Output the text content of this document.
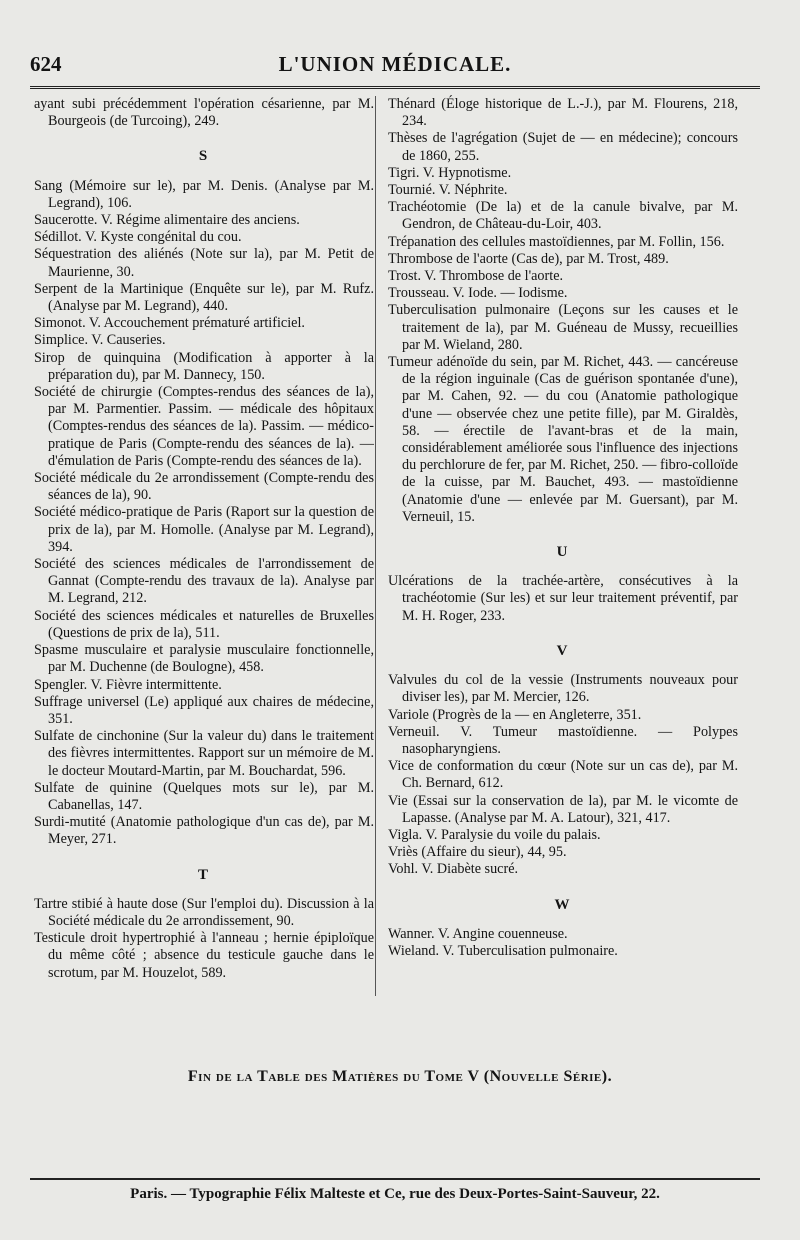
624	L'UNION MÉDICALE.

ayant subi précédemment l'opération césarienne, par M. Bourgeois (de Turcoing), 249.

S

Sang (Mémoire sur le), par M. Denis. (Analyse par M. Legrand), 106.

Saucerotte. V. Régime alimentaire des anciens.

Sédillot. V. Kyste congénital du cou.

Séquestration des aliénés (Note sur la), par M. Petit de Maurienne, 30.

Serpent de la Martinique (Enquête sur le), par M. Rufz. (Analyse par M. Legrand), 440.

Simonot. V. Accouchement prématuré artificiel.

Simplice. V. Causeries.

Sirop de quinquina (Modification à apporter à la préparation du), par M. Dannecy, 150.

Société de chirurgie (Comptes-rendus des séances de la), par M. Parmentier. Passim. — médicale des hôpitaux (Comptes-rendus des séances de la). Passim. — médico-pratique de Paris (Compte-rendu des séances de la). — d'émulation de Paris (Compte-rendu des séances de la).

Société médicale du 2e arrondissement (Compte-rendu des séances de la), 90.

Société médico-pratique de Paris (Raport sur la question de prix de la), par M. Homolle. (Analyse par M. Legrand), 394.

Société des sciences médicales de l'arrondissement de Gannat (Compte-rendu des travaux de la). Analyse par M. Legrand, 212.

Société des sciences médicales et naturelles de Bruxelles (Questions de prix de la), 511.

Spasme musculaire et paralysie musculaire fonctionnelle, par M. Duchenne (de Boulogne), 458.

Spengler. V. Fièvre intermittente.

Suffrage universel (Le) appliqué aux chaires de médecine, 351.

Sulfate de cinchonine (Sur la valeur du) dans le traitement des fièvres intermittentes. Rapport sur un mémoire de M. le docteur Moutard-Martin, par M. Bouchardat, 596.

Sulfate de quinine (Quelques mots sur le), par M. Cabanellas, 147.

Surdi-mutité (Anatomie pathologique d'un cas de), par M. Meyer, 271.

T

Tartre stibié à haute dose (Sur l'emploi du). Discussion à la Société médicale du 2e arrondissement, 90.

Testicule droit hypertrophié à l'anneau ; hernie épiploïque du même côté ; absence du testicule gauche dans le scrotum, par M. Houzelot, 589.

Thénard (Éloge historique de L.-J.), par M. Flourens, 218, 234.

Thèses de l'agrégation (Sujet de — en médecine); concours de 1860, 255.

Tigri. V. Hypnotisme.

Tournié. V. Néphrite.

Trachéotomie (De la) et de la canule bivalve, par M. Gendron, de Château-du-Loir, 403.

Trépanation des cellules mastoïdiennes, par M. Follin, 156.

Thrombose de l'aorte (Cas de), par M. Trost, 489.

Trost. V. Thrombose de l'aorte.

Trousseau. V. Iode. — Iodisme.

Tuberculisation pulmonaire (Leçons sur les causes et le traitement de la), par M. Guéneau de Mussy, recueillies par M. Wieland, 280.

Tumeur adénoïde du sein, par M. Richet, 443. — cancéreuse de la région inguinale (Cas de guérison spontanée d'une), par M. Cahen, 92. — du cou (Anatomie pathologique d'une — observée chez une petite fille), par M. Giraldès, 58. — érectile de l'avant-bras et de la main, considérablement améliorée sous l'influence des injections du perchlorure de fer, par M. Richet, 250. — fibro-colloïde de la cuisse, par M. Bauchet, 493. — mastoïdienne (Anatomie d'une — enlevée par M. Guersant), par M. Verneuil, 15.

U

Ulcérations de la trachée-artère, consécutives à la trachéotomie (Sur les) et sur leur traitement préventif, par M. H. Roger, 233.

V

Valvules du col de la vessie (Instruments nouveaux pour diviser les), par M. Mercier, 126.

Variole (Progrès de la — en Angleterre, 351.

Verneuil. V. Tumeur mastoïdienne. — Polypes nasopharyngiens.

Vice de conformation du cœur (Note sur un cas de), par M. Ch. Bernard, 612.

Vie (Essai sur la conservation de la), par M. le vicomte de Lapasse. (Analyse par M. A. Latour), 321, 417.

Vigla. V. Paralysie du voile du palais.

Vriès (Affaire du sieur), 44, 95.

Vohl. V. Diabète sucré.

W

Wanner. V. Angine couenneuse.

Wieland. V. Tuberculisation pulmonaire.

Fin de la Table des Matières du Tome V (Nouvelle Série).
Paris. — Typographie Félix Malteste et Ce, rue des Deux-Portes-Saint-Sauveur, 22.
